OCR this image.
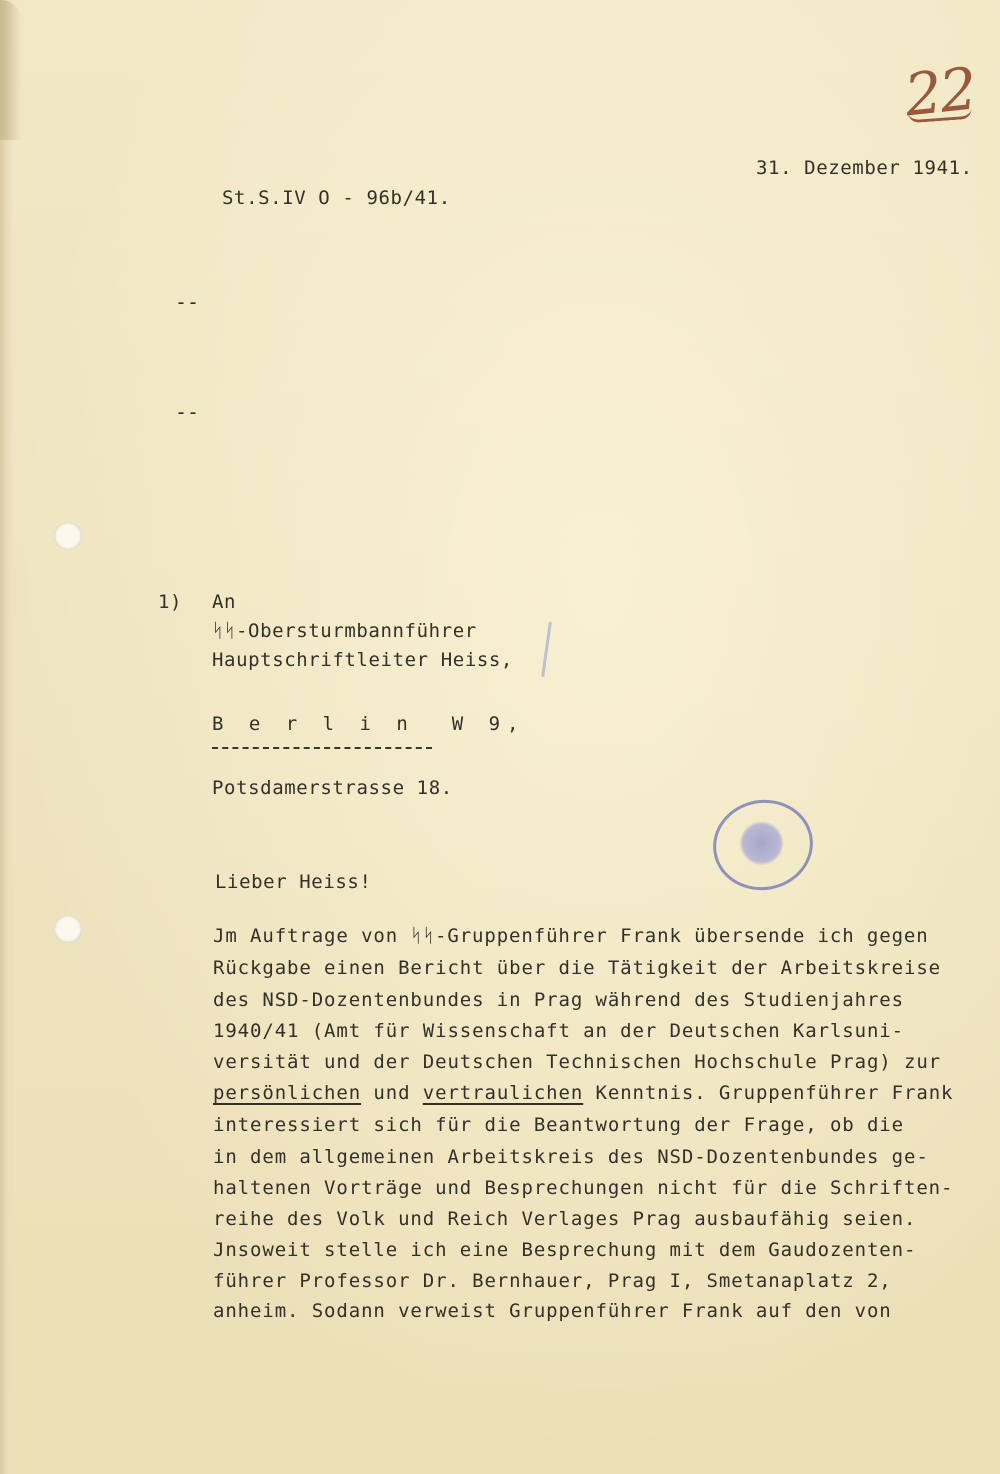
22
31. Dezember 1941.
St.S.IV O - 96b/41.
--
--
1) An
ᛋᛋ-Obersturmbannführer
Hauptschriftleiter Heiss,
B e r l i n  W 9,
Potsdamerstrasse 18.
Lieber Heiss!
Jm Auftrage von ᛋᛋ-Gruppenführer Frank übersende ich gegen
Rückgabe einen Bericht über die Tätigkeit der Arbeitskreise
des NSD-Dozentenbundes in Prag während des Studienjahres
1940/41 (Amt für Wissenschaft an der Deutschen Karlsuni-
versität und der Deutschen Technischen Hochschule Prag) zur
persönlichen und vertraulichen Kenntnis. Gruppenführer Frank
interessiert sich für die Beantwortung der Frage, ob die
in dem allgemeinen Arbeitskreis des NSD-Dozentenbundes ge-
haltenen Vorträge und Besprechungen nicht für die Schriften-
reihe des Volk und Reich Verlages Prag ausbaufähig seien.
Jnsoweit stelle ich eine Besprechung mit dem Gaudozenten-
führer Professor Dr. Bernhauer, Prag I, Smetanaplatz 2,
anheim. Sodann verweist Gruppenführer Frank auf den von
